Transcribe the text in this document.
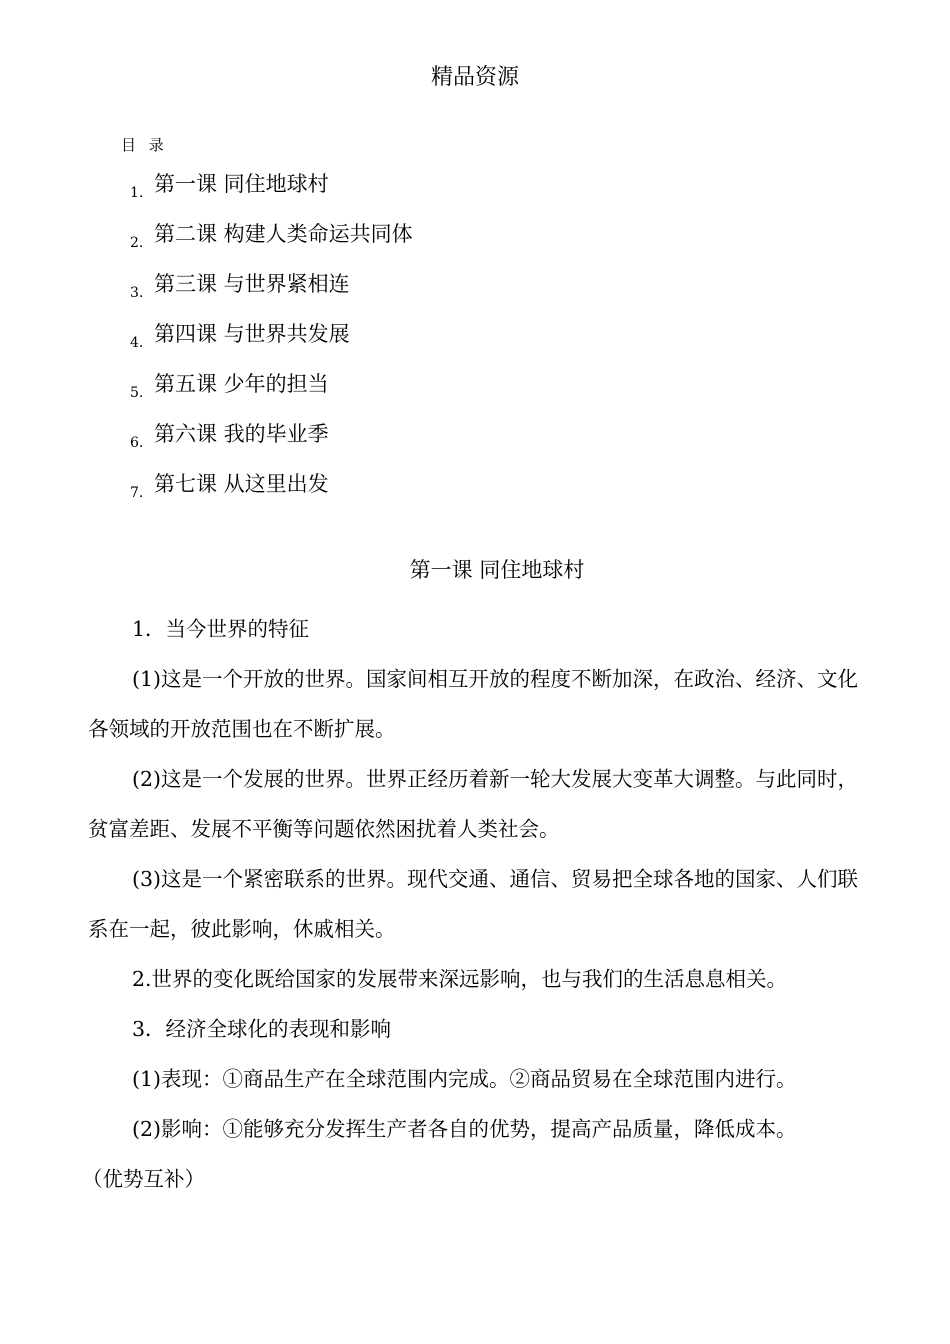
精品资源
目 录
1. 第一课 同住地球村
2. 第二课 构建人类命运共同体
3. 第三课 与世界紧相连
4. 第四课 与世界共发展
5. 第五课 少年的担当
6. 第六课 我的毕业季
7. 第七课 从这里出发
第一课 同住地球村

1．当今世界的特征

(1)这是一个开放的世界。国家间相互开放的程度不断加深，在政治、经济、文化各领域的开放范围也在不断扩展。

(2)这是一个发展的世界。世界正经历着新一轮大发展大变革大调整。与此同时，贫富差距、发展不平衡等问题依然困扰着人类社会。

(3)这是一个紧密联系的世界。现代交通、通信、贸易把全球各地的国家、人们联系在一起，彼此影响，休戚相关。

2.世界的变化既给国家的发展带来深远影响，也与我们的生活息息相关。

3．经济全球化的表现和影响

(1)表现：①商品生产在全球范围内完成。②商品贸易在全球范围内进行。

(2)影响：①能够充分发挥生产者各自的优势，提高产品质量，降低成本。

（优势互补）
